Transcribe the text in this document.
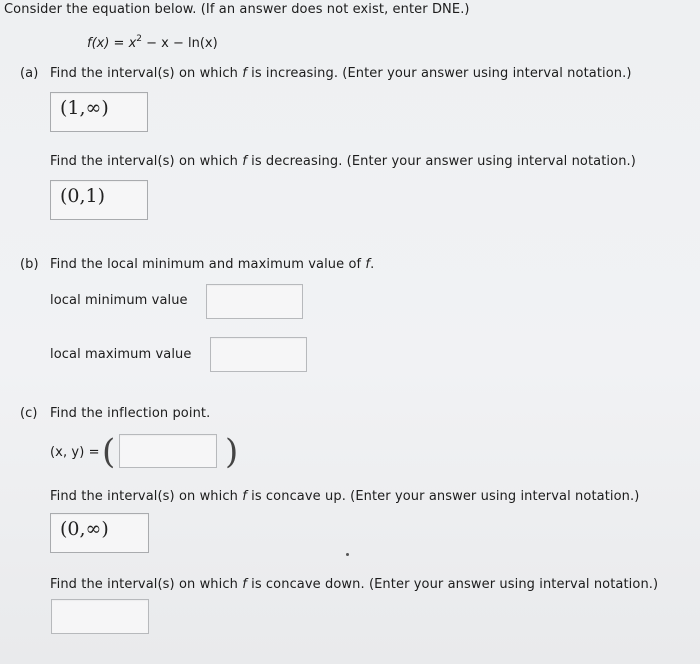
Consider the equation below. (If an answer does not exist, enter DNE.)
$f(x) = x^2 - x - \ln(x)$
(a) Find the interval(s) on which f is increasing. (Enter your answer using interval notation.)
(1,∞)
Find the interval(s) on which f is decreasing. (Enter your answer using interval notation.)
(0,1)
(b) Find the local minimum and maximum value of f.
local minimum value
local maximum value
(c) Find the inflection point.
(x, y) = (	)
Find the interval(s) on which f is concave up. (Enter your answer using interval notation.)
(0,∞)
Find the interval(s) on which f is concave down. (Enter your answer using interval notation.)
